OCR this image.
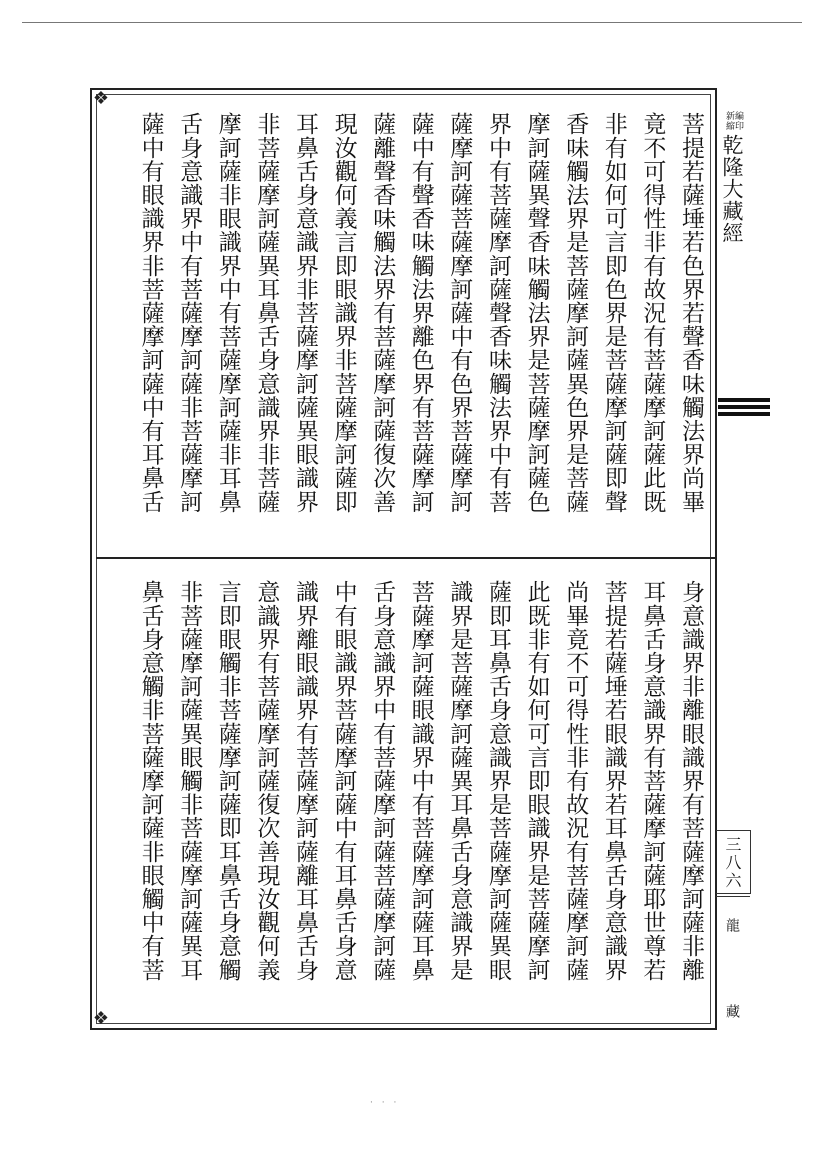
❖
❖
菩提若薩埵若色界若聲香味觸法界尚畢
竟不可得性非有故況有菩薩摩訶薩此既
非有如何可言即色界是菩薩摩訶薩即聲
香味觸法界是菩薩摩訶薩異色界是菩薩
摩訶薩異聲香味觸法界是菩薩摩訶薩色
界中有菩薩摩訶薩聲香味觸法界中有菩
薩摩訶薩菩薩摩訶薩中有色界菩薩摩訶
薩中有聲香味觸法界離色界有菩薩摩訶
薩離聲香味觸法界有菩薩摩訶薩復次善
現汝觀何義言即眼識界非菩薩摩訶薩即
耳鼻舌身意識界非菩薩摩訶薩異眼識界
非菩薩摩訶薩異耳鼻舌身意識界非菩薩
摩訶薩非眼識界中有菩薩摩訶薩非耳鼻
舌身意識界中有菩薩摩訶薩非菩薩摩訶
薩中有眼識界非菩薩摩訶薩中有耳鼻舌
身意識界非離眼識界有菩薩摩訶薩非離
耳鼻舌身意識界有菩薩摩訶薩耶世尊若
菩提若薩埵若眼識界若耳鼻舌身意識界
尚畢竟不可得性非有故況有菩薩摩訶薩
此既非有如何可言即眼識界是菩薩摩訶
薩即耳鼻舌身意識界是菩薩摩訶薩異眼
識界是菩薩摩訶薩異耳鼻舌身意識界是
菩薩摩訶薩眼識界中有菩薩摩訶薩耳鼻
舌身意識界中有菩薩摩訶薩菩薩摩訶薩
中有眼識界菩薩摩訶薩中有耳鼻舌身意
識界離眼識界有菩薩摩訶薩離耳鼻舌身
意識界有菩薩摩訶薩復次善現汝觀何義
言即眼觸非菩薩摩訶薩即耳鼻舌身意觸
非菩薩摩訶薩異眼觸非菩薩摩訶薩異耳
鼻舌身意觸非菩薩摩訶薩非眼觸中有菩
新編
縮印
乾隆大藏經
三八六
龍 藏
· · ·
